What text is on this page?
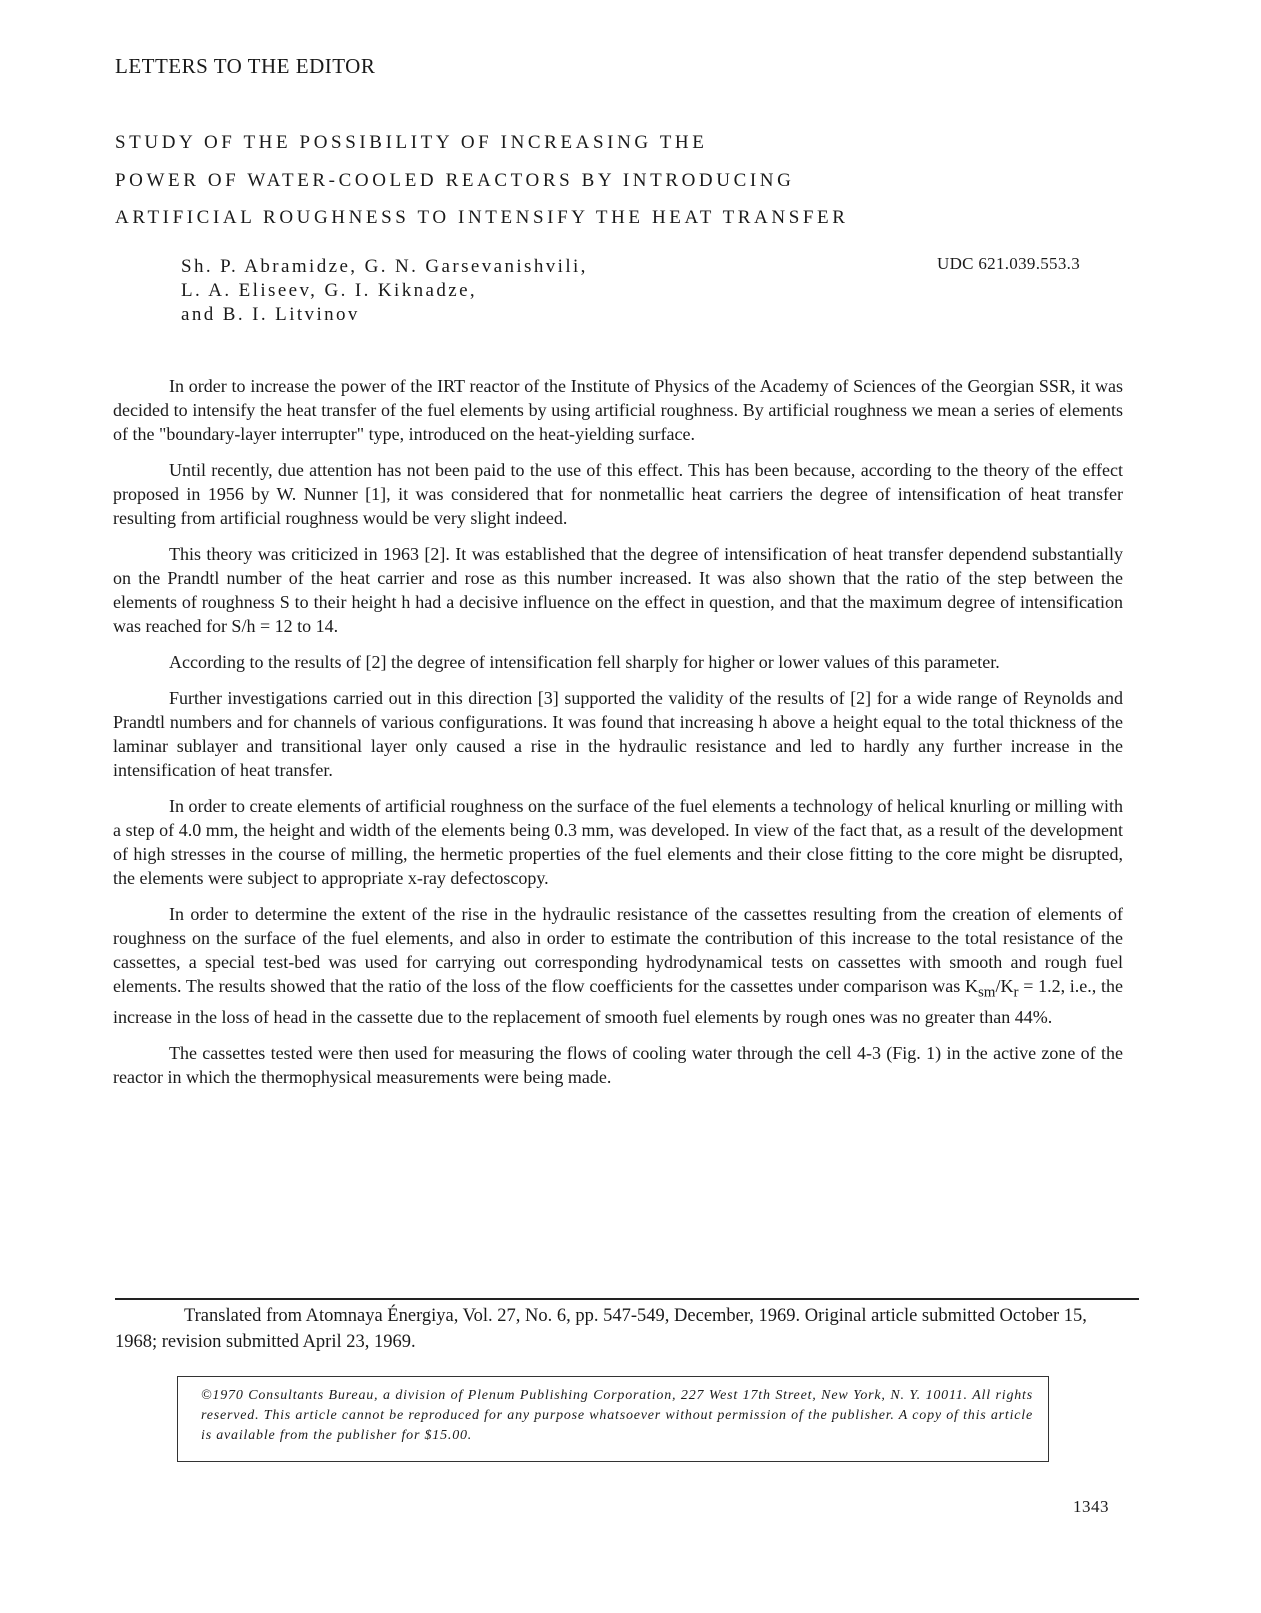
LETTERS TO THE EDITOR
STUDY OF THE POSSIBILITY OF INCREASING THE
POWER OF WATER-COOLED REACTORS BY INTRODUCING
ARTIFICIAL ROUGHNESS TO INTENSIFY THE HEAT TRANSFER
Sh. P. Abramidze, G. N. Garsevanishvili,
L. A. Eliseev, G. I. Kiknadze,
and B. I. Litvinov
UDC 621.039.553.3

In order to increase the power of the IRT reactor of the Institute of Physics of the Academy of Sciences of the Georgian SSR, it was decided to intensify the heat transfer of the fuel elements by using artificial roughness. By artificial roughness we mean a series of elements of the "boundary-layer interrupter" type, introduced on the heat-yielding surface.

Until recently, due attention has not been paid to the use of this effect. This has been because, according to the theory of the effect proposed in 1956 by W. Nunner [1], it was considered that for nonmetallic heat carriers the degree of intensification of heat transfer resulting from artificial roughness would be very slight indeed.

This theory was criticized in 1963 [2]. It was established that the degree of intensification of heat transfer dependend substantially on the Prandtl number of the heat carrier and rose as this number increased. It was also shown that the ratio of the step between the elements of roughness S to their height h had a decisive influence on the effect in question, and that the maximum degree of intensification was reached for S/h = 12 to 14.

According to the results of [2] the degree of intensification fell sharply for higher or lower values of this parameter.

Further investigations carried out in this direction [3] supported the validity of the results of [2] for a wide range of Reynolds and Prandtl numbers and for channels of various configurations. It was found that increasing h above a height equal to the total thickness of the laminar sublayer and transitional layer only caused a rise in the hydraulic resistance and led to hardly any further increase in the intensification of heat transfer.

In order to create elements of artificial roughness on the surface of the fuel elements a technology of helical knurling or milling with a step of 4.0 mm, the height and width of the elements being 0.3 mm, was developed. In view of the fact that, as a result of the development of high stresses in the course of milling, the hermetic properties of the fuel elements and their close fitting to the core might be disrupted, the elements were subject to appropriate x-ray defectoscopy.

In order to determine the extent of the rise in the hydraulic resistance of the cassettes resulting from the creation of elements of roughness on the surface of the fuel elements, and also in order to estimate the contribution of this increase to the total resistance of the cassettes, a special test-bed was used for carrying out corresponding hydrodynamical tests on cassettes with smooth and rough fuel elements. The results showed that the ratio of the loss of the flow coefficients for the cassettes under comparison was $K_{sm}/K_r = 1.2$, i.e., the increase in the loss of head in the cassette due to the replacement of smooth fuel elements by rough ones was no greater than 44%.

The cassettes tested were then used for measuring the flows of cooling water through the cell 4-3 (Fig. 1) in the active zone of the reactor in which the thermophysical measurements were being made.

Translated from Atomnaya Énergiya, Vol. 27, No. 6, pp. 547-549, December, 1969. Original article submitted October 15, 1968; revision submitted April 23, 1969.
©1970 Consultants Bureau, a division of Plenum Publishing Corporation, 227 West 17th Street, New York, N. Y. 10011. All rights reserved. This article cannot be reproduced for any purpose whatsoever without permission of the publisher. A copy of this article is available from the publisher for $15.00.
1343
